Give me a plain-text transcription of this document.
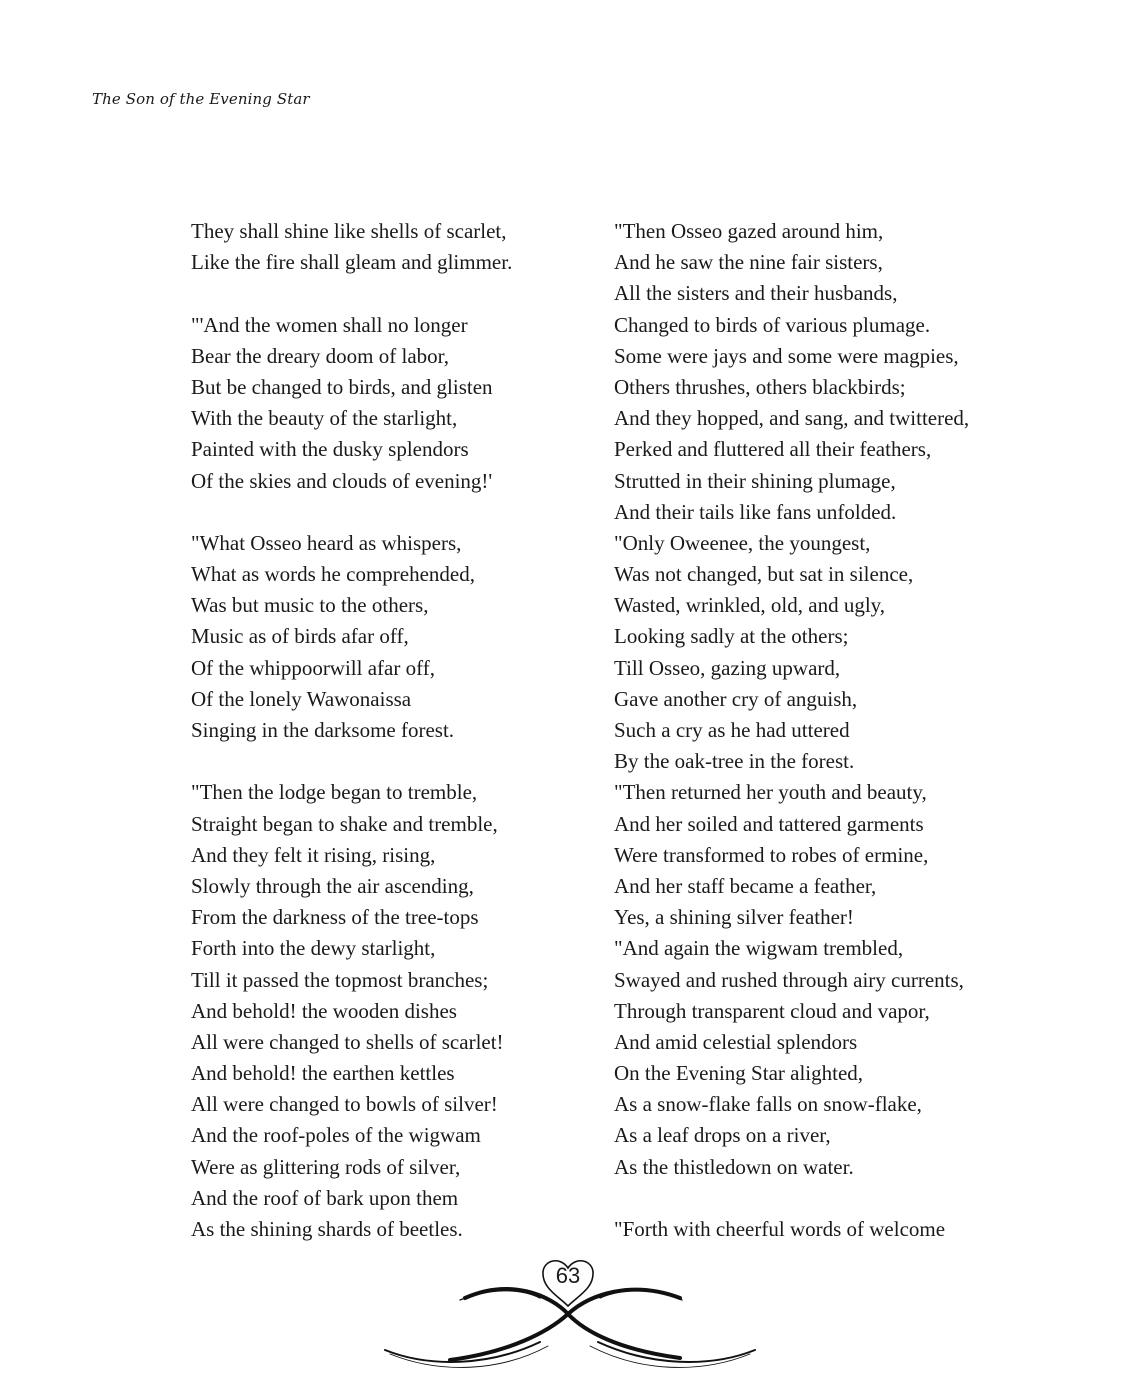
The Son of the Evening Star
They shall shine like shells of scarlet,
Like the fire shall gleam and glimmer.
"'And the women shall no longer
Bear the dreary doom of labor,
But be changed to birds, and glisten
With the beauty of the starlight,
Painted with the dusky splendors
Of the skies and clouds of evening!'
"What Osseo heard as whispers,
What as words he comprehended,
Was but music to the others,
Music as of birds afar off,
Of the whippoorwill afar off,
Of the lonely Wawonaissa
Singing in the darksome forest.
"Then the lodge began to tremble,
Straight began to shake and tremble,
And they felt it rising, rising,
Slowly through the air ascending,
From the darkness of the tree-tops
Forth into the dewy starlight,
Till it passed the topmost branches;
And behold! the wooden dishes
All were changed to shells of scarlet!
And behold! the earthen kettles
All were changed to bowls of silver!
And the roof-poles of the wigwam
Were as glittering rods of silver,
And the roof of bark upon them
As the shining shards of beetles.
"Then Osseo gazed around him,
And he saw the nine fair sisters,
All the sisters and their husbands,
Changed to birds of various plumage.
Some were jays and some were magpies,
Others thrushes, others blackbirds;
And they hopped, and sang, and twittered,
Perked and fluttered all their feathers,
Strutted in their shining plumage,
And their tails like fans unfolded.
"Only Oweenee, the youngest,
Was not changed, but sat in silence,
Wasted, wrinkled, old, and ugly,
Looking sadly at the others;
Till Osseo, gazing upward,
Gave another cry of anguish,
Such a cry as he had uttered
By the oak-tree in the forest.
"Then returned her youth and beauty,
And her soiled and tattered garments
Were transformed to robes of ermine,
And her staff became a feather,
Yes, a shining silver feather!
"And again the wigwam trembled,
Swayed and rushed through airy currents,
Through transparent cloud and vapor,
And amid celestial splendors
On the Evening Star alighted,
As a snow-flake falls on snow-flake,
As a leaf drops on a river,
As the thistledown on water.
"Forth with cheerful words of welcome
63
